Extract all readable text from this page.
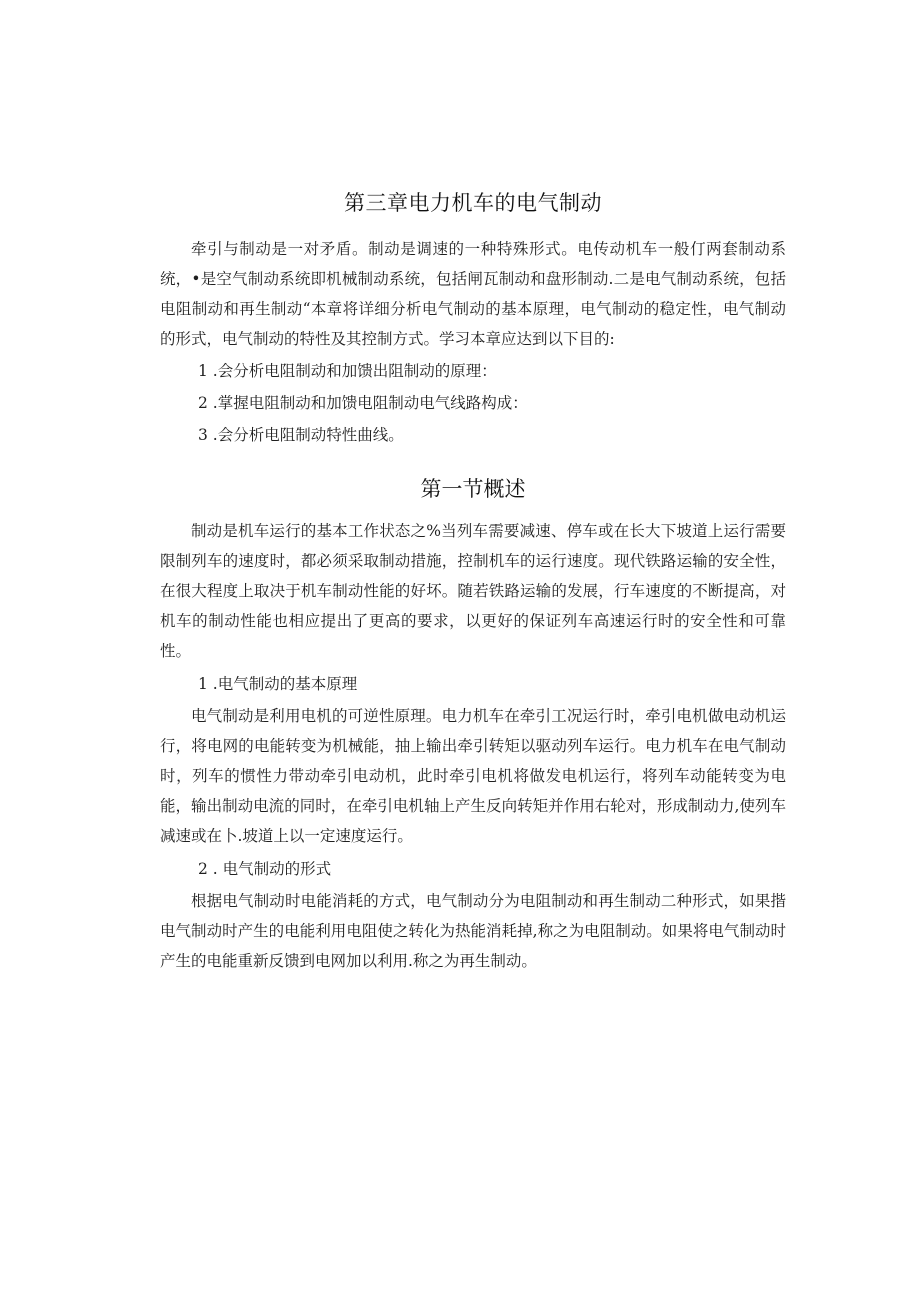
第三章电力机车的电气制动

牵引与制动是一对矛盾。制动是调速的一种特殊形式。电传动机车一般仃两套制动系统，•是空气制动系统即机械制动系统，包括闸瓦制动和盘形制动.二是电气制动系统，包括电阻制动和再生制动“本章将详细分析电气制动的基本原理，电气制动的稳定性，电气制动的形式，电气制动的特性及其控制方式。学习本章应达到以下目的:

1 .会分析电阻制动和加馈出阻制动的原理：
2 .掌握电阻制动和加馈电阻制动电气线路构成：
3 .会分析电阻制动特性曲线。
第一节概述

制动是机车运行的基本工作状态之%当列车需要减速、停车或在长大下坡道上运行需要限制列车的速度时，都必须采取制动措施，控制机车的运行速度。现代铁路运输的安全性，在很大程度上取决于机车制动性能的好坏。随若铁路运输的发展，行车速度的不断提高，对机车的制动性能也相应提出了更高的要求，以更好的保证列车高速运行时的安全性和可靠性。

1 .电气制动的基本原理

电气制动是利用电机的可逆性原理。电力机车在牵引工况运行时，牵引电机做电动机运行，将电网的电能转变为机械能，抽上输出牵引转矩以驱动列车运行。电力机车在电气制动时，列车的惯性力带动牵引电动机，此时牵引电机将做发电机运行，将列车动能转变为电能，输出制动电流的同时，在牵引电机轴上产生反向转矩并作用右轮对，形成制动力,使列车减速或在卜.坡道上以一定速度运行。

2 . 电气制动的形式

根据电气制动时电能消耗的方式，电气制动分为电阻制动和再生制动二种形式，如果揩电气制动时产生的电能利用电阻使之转化为热能消耗掉,称之为电阻制动。如果将电气制动时产生的电能重新反馈到电网加以利用.称之为再生制动。
